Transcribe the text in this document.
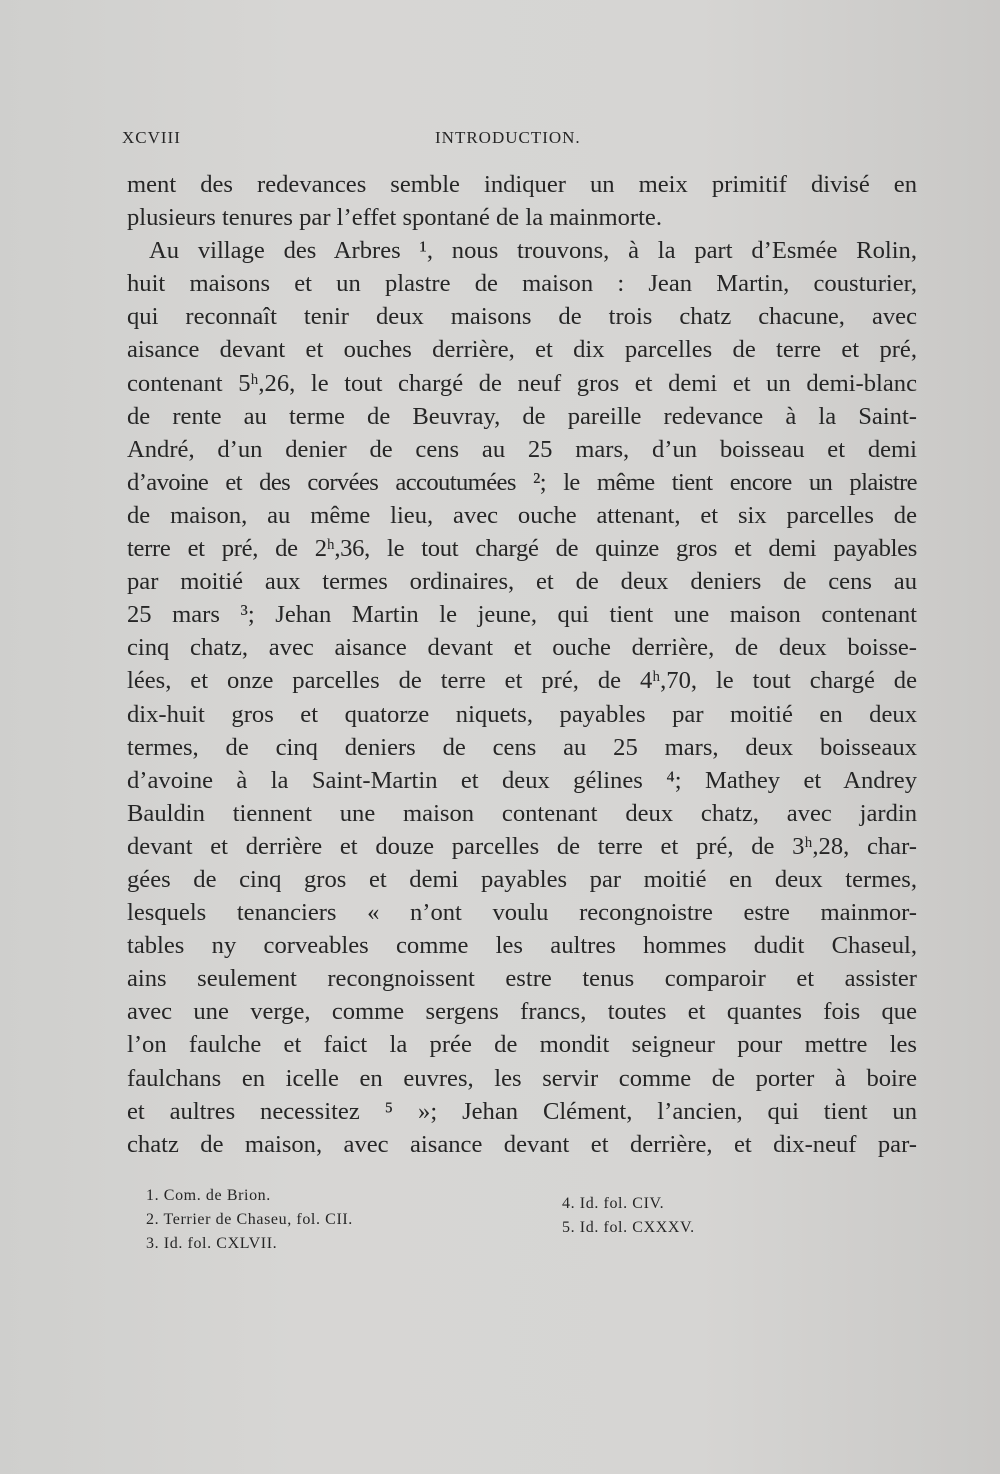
XCVIII	INTRODUCTION.
ment des redevances semble indiquer un meix primitif divisé en
plusieurs tenures par l’effet spontané de la mainmorte.
Au village des Arbres ¹, nous trouvons, à la part d’Esmée Rolin,
huit maisons et un plastre de maison : Jean Martin, cousturier,
qui reconnaît tenir deux maisons de trois chatz chacune, avec
aisance devant et ouches derrière, et dix parcelles de terre et pré,
contenant 5ʰ,26, le tout chargé de neuf gros et demi et un demi-blanc
de rente au terme de Beuvray, de pareille redevance à la Saint-
André, d’un denier de cens au 25 mars, d’un boisseau et demi
d’avoine et des corvées accoutumées ²; le même tient encore un plaistre
de maison, au même lieu, avec ouche attenant, et six parcelles de
terre et pré, de 2ʰ,36, le tout chargé de quinze gros et demi payables
par moitié aux termes ordinaires, et de deux deniers de cens au
25 mars ³; Jehan Martin le jeune, qui tient une maison contenant
cinq chatz, avec aisance devant et ouche derrière, de deux boisse-
lées, et onze parcelles de terre et pré, de 4ʰ,70, le tout chargé de
dix-huit gros et quatorze niquets, payables par moitié en deux
termes, de cinq deniers de cens au 25 mars, deux boisseaux
d’avoine à la Saint-Martin et deux gélines ⁴; Mathey et Andrey
Bauldin tiennent une maison contenant deux chatz, avec jardin
devant et derrière et douze parcelles de terre et pré, de 3ʰ,28, char-
gées de cinq gros et demi payables par moitié en deux termes,
lesquels tenanciers « n’ont voulu recongnoistre estre mainmor-
tables ny corveables comme les aultres hommes dudit Chaseul,
ains seulement recongnoissent estre tenus comparoir et assister
avec une verge, comme sergens francs, toutes et quantes fois que
l’on faulche et faict la prée de mondit seigneur pour mettre les
faulchans en icelle en euvres, les servir comme de porter à boire
et aultres necessitez ⁵ »; Jehan Clément, l’ancien, qui tient un
chatz de maison, avec aisance devant et derrière, et dix-neuf par-
1. Com. de Brion.
2. Terrier de Chaseu, fol. CII.
3. Id. fol. CXLVII.
4. Id. fol. CIV.
5. Id. fol. CXXXV.
